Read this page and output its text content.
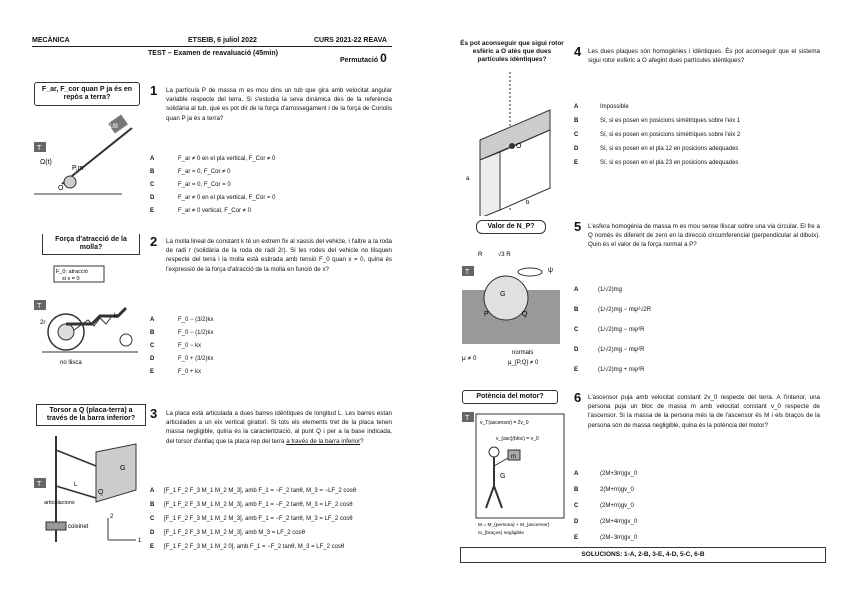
MECÀNICA	ETSEIB, 6 juliol 2022	CURS 2021-22 REAVA
TEST – Examen de reavaluació (45min)
Permutació 0
F_ar, F_cor quan P ja és en repòs a terra?
T
TUB
P,m
Ω(t)
O
1 La partícula P de massa m es mou dins un tub que gira amb velocitat angular variable respecte del terra. Si s'estudia la seva dinàmica des de la referència solidària al tub, què es pot dir de la força d'arrossegament i de la força de Coriolis quan P ja és a terra?
A	F_ar ≠ 0 en el pla vertical, F_Cor ≠ 0
B	F_ar = 0, F_Cor ≠ 0
C	F_ar = 0, F_Cor = 0
D	F_ar ≠ 0 en el pla vertical, F_Cor = 0
E	F_ar ≠ 0 vertical, F_Cor ≠ 0
Força d'atracció de la molla?
F_0: atracció
si x = 0
T
k
2r
no llisca
2 La molla lineal de constant k té un extrem fix al xassís del vehicle, i l'altre a la roda de radi r (solidària de la roda de radi 2r). Si les rodes del vehicle no llisquen respecte del terra i la molla està estirada amb tensió F_0 quan x = 0, quina és l'expressió de la força d'atracció de la molla en funció de x?
A	F_0 − (3/2)kx
B	F_0 − (1/2)kx
C	F_0 − kx
D	F_0 + (3/2)kx
E	F_0 + kx
Torsor a Q (placa-terra) a través de la barra inferior?
T
G
Q
L
articulacions
coixinet
1
2
3 La placa està articulada a dues barres idèntiques de longitud L. Les barres estan articulades a un eix vertical giratori. Si tots els elements tret de la placa tenen massa negligible, quina és la caracterització, al punt Q i per a la base indicada, del torsor d'enllaç que la placa rep del terra a través de la barra inferior?
A [F_1 F_2 F_3 M_1 M_2 M_3], amb F_1 = −F_2 tanθ, M_3 = −LF_2 cosθ
B [F_1 F_2 F_3 M_1 M_2 M_3], amb F_1 = −F_2 tanθ, M_3 = LF_2 cosθ
C [F_1 F_2 F_3 M_1 M_2 M_3], amb F_1 = −F_2 tanθ, M_3 = LF_2 cosθ
D [F_1 F_2 F_3 M_1 M_2 M_3], amb M_3 = LF_2 cosθ
E [F_1 F_2 F_3 M_1 M_2 0], amb F_1 = −F_2 tanθ, M_3 = LF_2 cosθ
És pot aconseguir que sigui rotor esfèric a O atès que dues partícules idèntiques?
O
a
b
4 Les dues plaques són homogènies i idèntiques. És pot aconseguir que el sistema sigui rotor esfèric a O afegint dues partícules idèntiques?
A	Impossible
B	Sí, si es posen en posicions simètriques sobre l'eix 1
C	Sí, si es posen en posicions simètriques sobre l'eix 2
D	Sí, si es posen en el pla 12 en posicions adequades
E	Sí, si es posen en el pla 23 en posicions adequades
Valor de N_P?
R	√3 R
ψ
T
G
P	Q
μ ≠ 0
normals
μ_{P,Q} ≠ 0
5 L'esfera homogènia de massa m es mou sense lliscar sobre una via circular. El fre a Q només és diferent de zero en la direcció circumferencial (perpendicular al dibuix). Quin és el valor de la força normal a P?
A	(1/√2)mg
B	(1/√2)mg − mψ²√2R
C	(1/√2)mg − mψ²R
D	(1/√2)mg − mψ²R
E	(1/√2)mg + mψ²R
Potència del motor?
T
v_T(ascensor) = 2v_0
v_{asc}(bloc) = v_0
m
G
M = M_{persona} + M_{ascensor}
m_{braços} negligible
6 L'ascensor puja amb velocitat constant 2v_0 respecte del terra. A l'interior, una persona puja un bloc de massa m amb velocitat constant v_0 respecte de l'ascensor. Si la massa de la persona més la de l'ascensor és M i els braços de la persona són de massa negligible, quina és la potència del motor?
A	(2M+3m)gv_0
B	2(M+m)gv_0
C	(2M+m)gv_0
D	(2M+4m)gv_0
E	(2M−3m)gv_0
SOLUCIONS: 1-A, 2-B, 3-E, 4-D, 5-C, 6-B
